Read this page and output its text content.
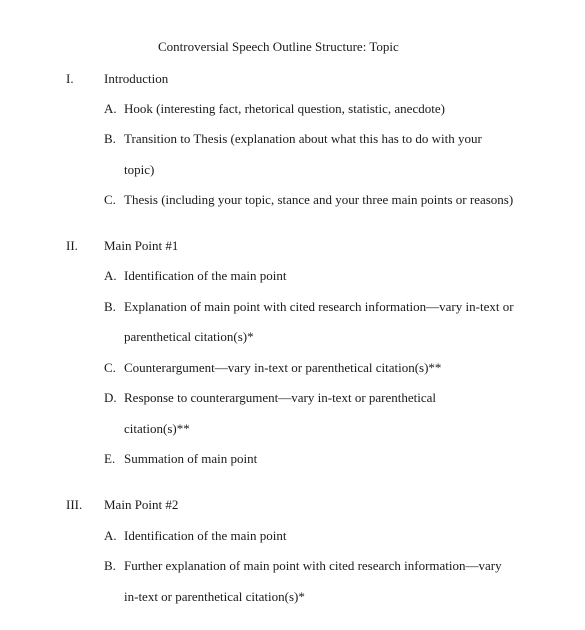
Controversial Speech Outline Structure: Topic
I. Introduction
A. Hook (interesting fact, rhetorical question, statistic, anecdote)
B. Transition to Thesis (explanation about what this has to do with your
topic)
C. Thesis (including your topic, stance and your three main points or reasons)
II. Main Point #1
A. Identification of the main point
B. Explanation of main point with cited research information—vary in-text or
parenthetical citation(s)*
C. Counterargument—vary in-text or parenthetical citation(s)**
D. Response to counterargument—vary in-text or parenthetical
citation(s)**
E. Summation of main point
III. Main Point #2
A. Identification of the main point
B. Further explanation of main point with cited research information—vary
in-text or parenthetical citation(s)*
